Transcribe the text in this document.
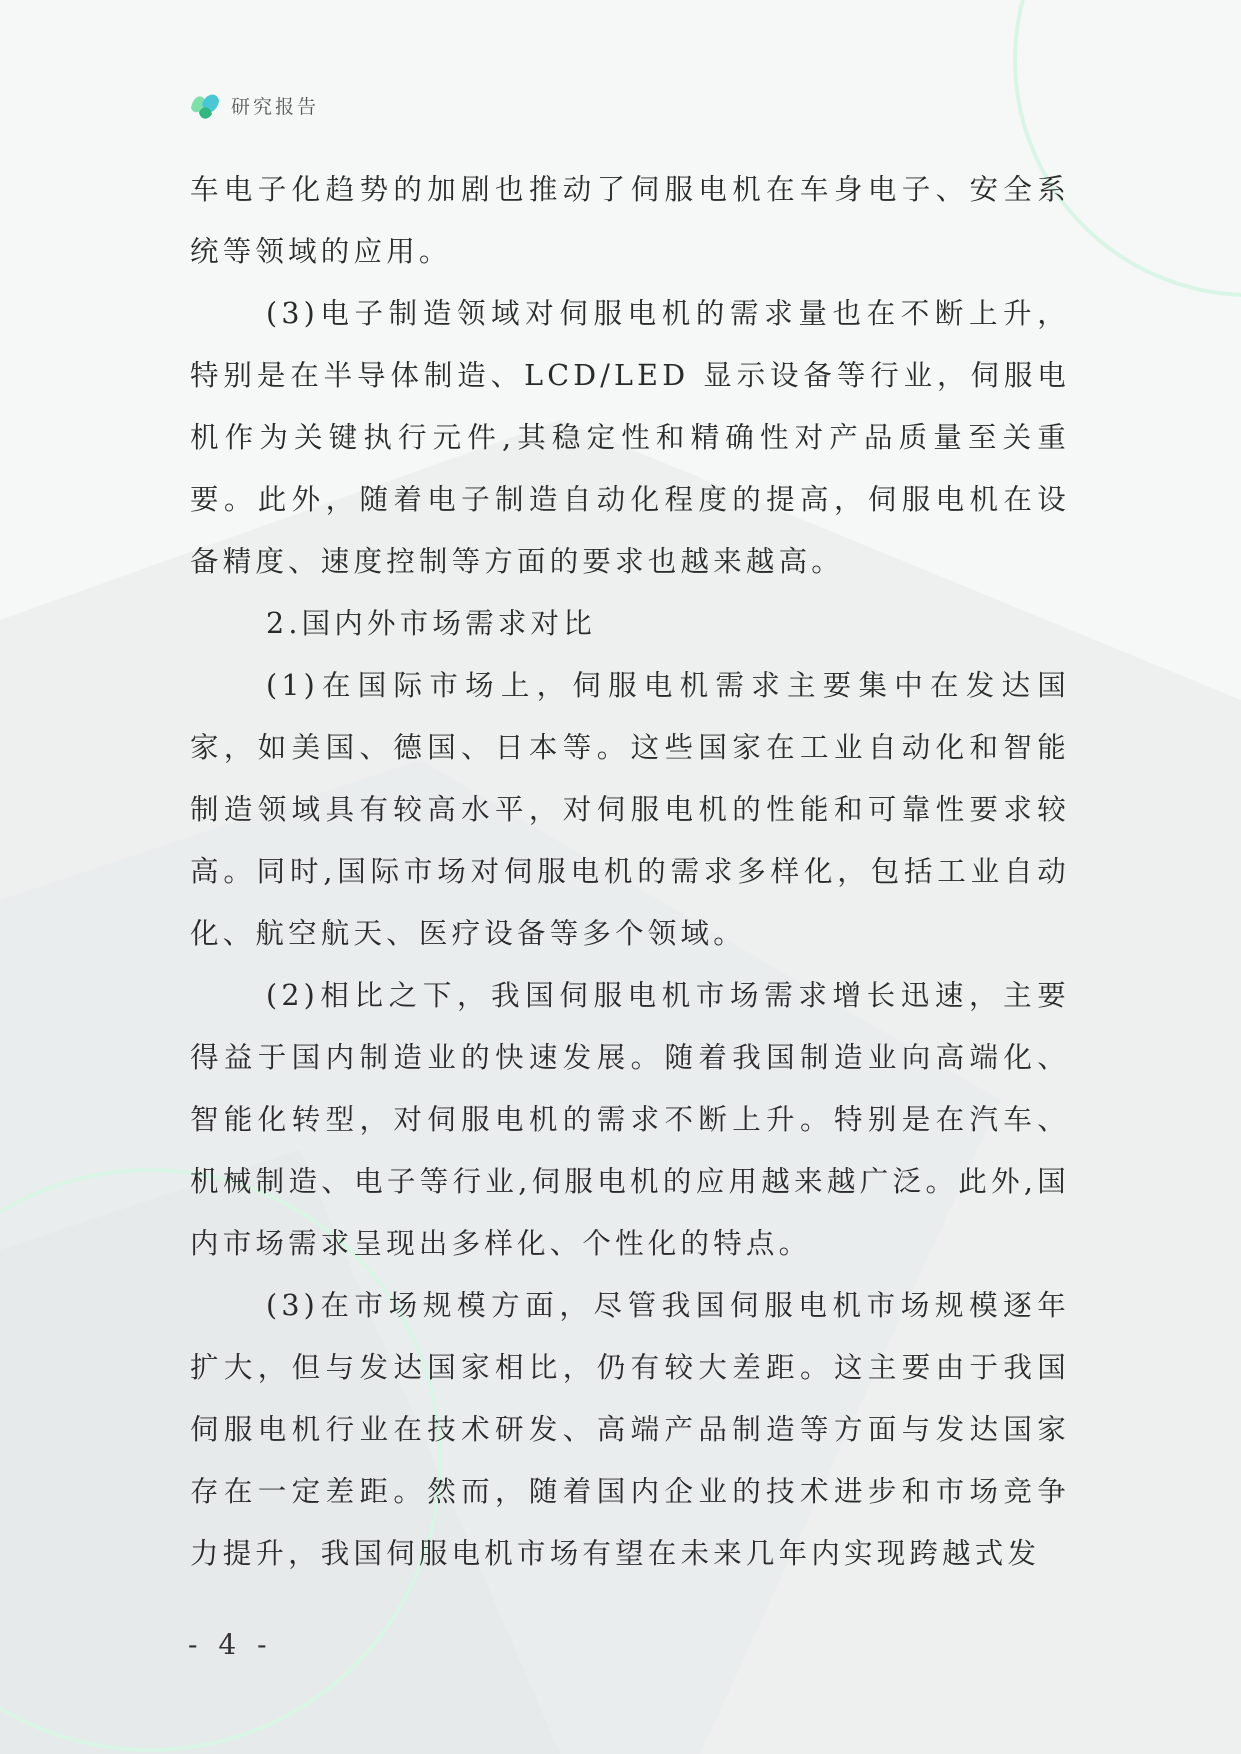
研究报告

车电子化趋势的加剧也推动了伺服电机在车身电子、安全系统等领域的应用。

(3)电子制造领域对伺服电机的需求量也在不断上升，特别是在半导体制造、LCD/LED 显示设备等行业，伺服电机作为关键执行元件,其稳定性和精确性对产品质量至关重要。此外，随着电子制造自动化程度的提高，伺服电机在设备精度、速度控制等方面的要求也越来越高。

2.国内外市场需求对比

(1)在国际市场上，伺服电机需求主要集中在发达国家，如美国、德国、日本等。这些国家在工业自动化和智能制造领域具有较高水平，对伺服电机的性能和可靠性要求较高。同时,国际市场对伺服电机的需求多样化，包括工业自动化、航空航天、医疗设备等多个领域。

(2)相比之下，我国伺服电机市场需求增长迅速，主要得益于国内制造业的快速发展。随着我国制造业向高端化、智能化转型，对伺服电机的需求不断上升。特别是在汽车、机械制造、电子等行业,伺服电机的应用越来越广泛。此外,国内市场需求呈现出多样化、个性化的特点。

(3)在市场规模方面，尽管我国伺服电机市场规模逐年扩大，但与发达国家相比，仍有较大差距。这主要由于我国伺服电机行业在技术研发、高端产品制造等方面与发达国家存在一定差距。然而，随着国内企业的技术进步和市场竞争力提升，我国伺服电机市场有望在未来几年内实现跨越式发

- 4 -
